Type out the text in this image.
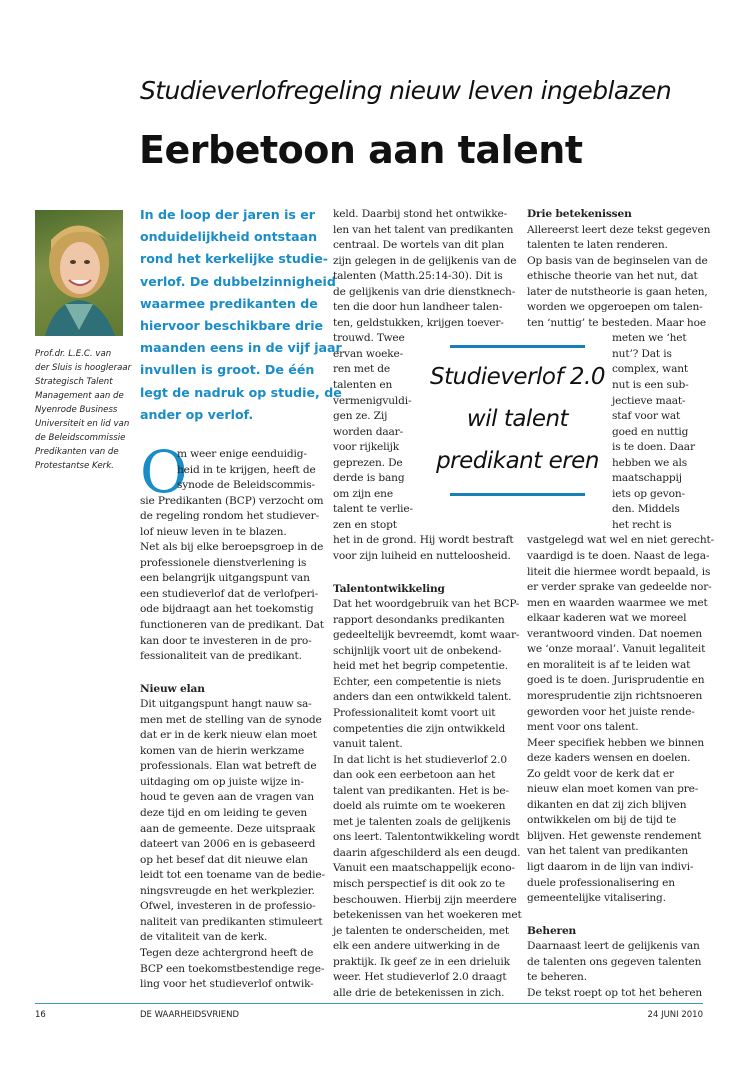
Studieverlofregeling nieuw leven ingeblazen
Eerbetoon aan talent
Prof.dr. L.E.C. van
der Sluis is hoogleraar
Strategisch Talent
Management aan de
Nyenrode Business
Universiteit en lid van
de Beleidscommissie
Predikanten van de
Protestantse Kerk.
In de loop der jaren is er
onduidelijkheid ontstaan
rond het kerkelijke studie-
verlof. De dubbelzinnigheid
waarmee predikanten de
hiervoor beschikbare drie
maanden eens in de vijf jaar
invullen is groot. De één
legt de nadruk op studie, de
ander op verlof.
O
m weer enige eenduidig-
heid in te krijgen, heeft de
synode de Beleidscommis-
sie Predikanten (BCP) verzocht om
de regeling rondom het studiever-
lof nieuw leven in te blazen.
Net als bij elke beroepsgroep in de
professionele dienstverlening is
een belangrijk uitgangspunt van
een studieverlof dat de verlofperi-
ode bijdraagt aan het toekomstig
functioneren van de predikant. Dat
kan door te investeren in de pro-
fessionaliteit van de predikant.
Nieuw elan
Dit uitgangspunt hangt nauw sa-
men met de stelling van de synode
dat er in de kerk nieuw elan moet
komen van de hierin werkzame
professionals. Elan wat betreft de
uitdaging om op juiste wijze in-
houd te geven aan de vragen van
deze tijd en om leiding te geven
aan de gemeente. Deze uitspraak
dateert van 2006 en is gebaseerd
op het besef dat dit nieuwe elan
leidt tot een toename van de bedie-
ningsvreugde en het werkplezier.
Ofwel, investeren in de professio-
naliteit van predikanten stimuleert
de vitaliteit van de kerk.
Tegen deze achtergrond heeft de
BCP een toekomstbestendige rege-
ling voor het studieverlof ontwik-
keld. Daarbij stond het ontwikke-
len van het talent van predikanten
centraal. De wortels van dit plan
zijn gelegen in de gelijkenis van de
talenten (Matth.25:14-30). Dit is
de gelijkenis van drie dienstknech-
ten die door hun landheer talen-
ten, geldstukken, krijgen toever-
trouwd. Twee
ervan woeke-
ren met de
talenten en
vermenigvuldi-
gen ze. Zij
worden daar-
voor rijkelijk
geprezen. De
derde is bang
om zijn ene
talent te verlie-
zen en stopt
het in de grond. Hij wordt bestraft
voor zijn luiheid en nutteloosheid.
Talentontwikkeling
Dat het woordgebruik van het BCP-
rapport desondanks predikanten
gedeeltelijk bevreemdt, komt waar-
schijnlijk voort uit de onbekend-
heid met het begrip competentie.
Echter, een competentie is niets
anders dan een ontwikkeld talent.
Professionaliteit komt voort uit
competenties die zijn ontwikkeld
vanuit talent.
In dat licht is het studieverlof 2.0
dan ook een eerbetoon aan het
talent van predikanten. Het is be-
doeld als ruimte om te woekeren
met je talenten zoals de gelijkenis
ons leert. Talentontwikkeling wordt
daarin afgeschilderd als een deugd.
Vanuit een maatschappelijk econo-
misch perspectief is dit ook zo te
beschouwen. Hierbij zijn meerdere
betekenissen van het woekeren met
je talenten te onderscheiden, met
elk een andere uitwerking in de
praktijk. Ik geef ze in een drieluik
weer. Het studieverlof 2.0 draagt
alle drie de betekenissen in zich.
Drie betekenissen
Allereerst leert deze tekst gegeven
talenten te laten renderen.
Op basis van de beginselen van de
ethische theorie van het nut, dat
later de nutstheorie is gaan heten,
worden we opgeroepen om talen-
ten ‘nuttig’ te besteden. Maar hoe
meten we ‘het
nut’? Dat is
complex, want
nut is een sub-
jectieve maat-
staf voor wat
goed en nuttig
is te doen. Daar
hebben we als
maatschappij
iets op gevon-
den. Middels
het recht is
vastgelegd wat wel en niet gerecht-
vaardigd is te doen. Naast de lega-
liteit die hiermee wordt bepaald, is
er verder sprake van gedeelde nor-
men en waarden waarmee we met
elkaar kaderen wat we moreel
verantwoord vinden. Dat noemen
we ‘onze moraal’. Vanuit legaliteit
en moraliteit is af te leiden wat
goed is te doen. Jurisprudentie en
moresprudentie zijn richtsnoeren
geworden voor het juiste rende-
ment voor ons talent.
Meer specifiek hebben we binnen
deze kaders wensen en doelen.
Zo geldt voor de kerk dat er
nieuw elan moet komen van pre-
dikanten en dat zij zich blijven
ontwikkelen om bij de tijd te
blijven. Het gewenste rendement
van het talent van predikanten
ligt daarom in de lijn van indivi-
duele professionalisering en
gemeentelijke vitalisering.
Beheren
Daarnaast leert de gelijkenis van
de talenten ons gegeven talenten
te beheren.
De tekst roept op tot het beheren
Studieverlof 2.0
wil talent
predikant eren
16	DE WAARHEIDSVRIEND	24 JUNI 2010
